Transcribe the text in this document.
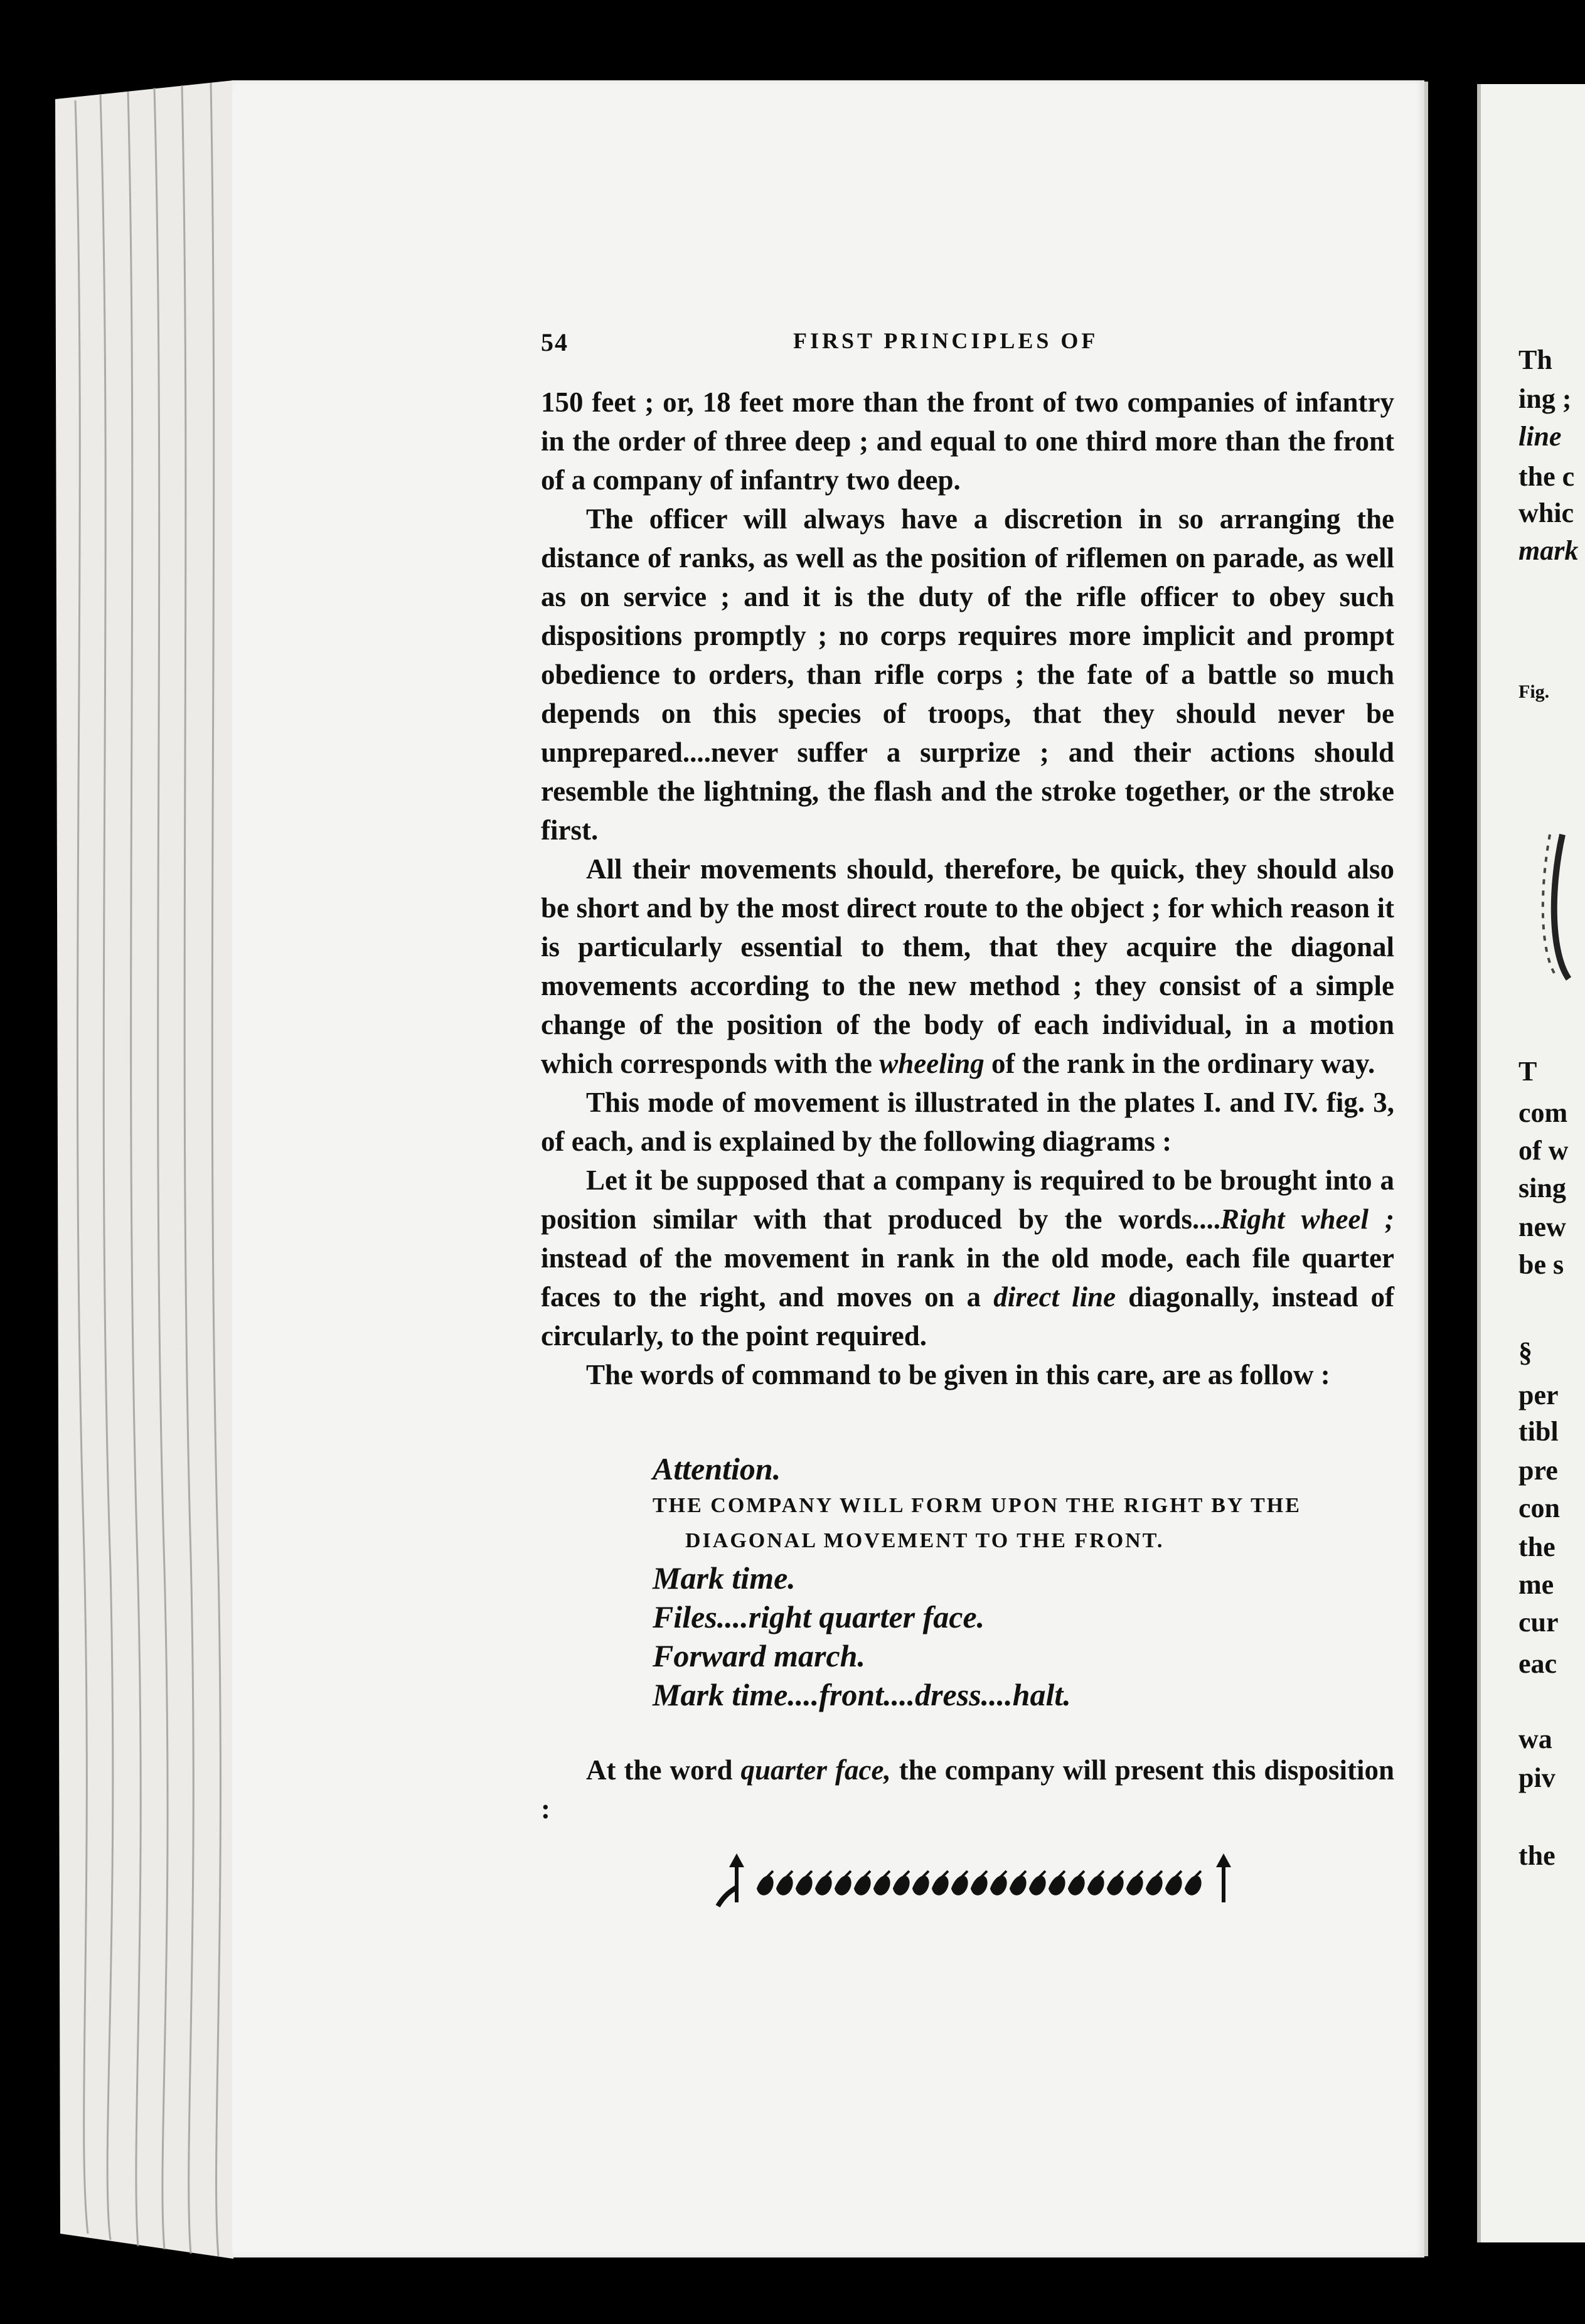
54	FIRST PRINCIPLES OF

150 feet ; or, 18 feet more than the front of two companies of infantry in the order of three deep ; and equal to one third more than the front of a company of infantry two deep.

The officer will always have a discretion in so arranging the distance of ranks, as well as the position of riflemen on parade, as well as on service ; and it is the duty of the rifle officer to obey such dispositions promptly ; no corps requires more implicit and prompt obedience to orders, than rifle corps ; the fate of a battle so much depends on this species of troops, that they should never be unprepared....never suffer a surprize ; and their actions should resemble the lightning, the flash and the stroke together, or the stroke first.

All their movements should, therefore, be quick, they should also be short and by the most direct route to the object ; for which reason it is particularly essential to them, that they acquire the diagonal movements according to the new method ; they consist of a simple change of the position of the body of each individual, in a motion which corresponds with the wheeling of the rank in the ordinary way.

This mode of movement is illustrated in the plates I. and IV. fig. 3, of each, and is explained by the following diagrams :

Let it be supposed that a company is required to be brought into a position similar with that produced by the words....Right wheel ; instead of the movement in rank in the old mode, each file quarter faces to the right, and moves on a direct line diagonally, instead of circularly, to the point required.

The words of command to be given in this care, are as follow :

Attention.
THE COMPANY WILL FORM UPON THE RIGHT BY THE
DIAGONAL MOVEMENT TO THE FRONT.
Mark time.
Files....right quarter face.
Forward march.
Mark time....front....dress....halt.
At the word quarter face, the company will present this disposition :
Th
ing ;
line
the c
whic
mark
Fig.
T
com
of w
sing
new
be s
§
per
tibl
pre
con
the
me
cur
eac
wa
piv
the
